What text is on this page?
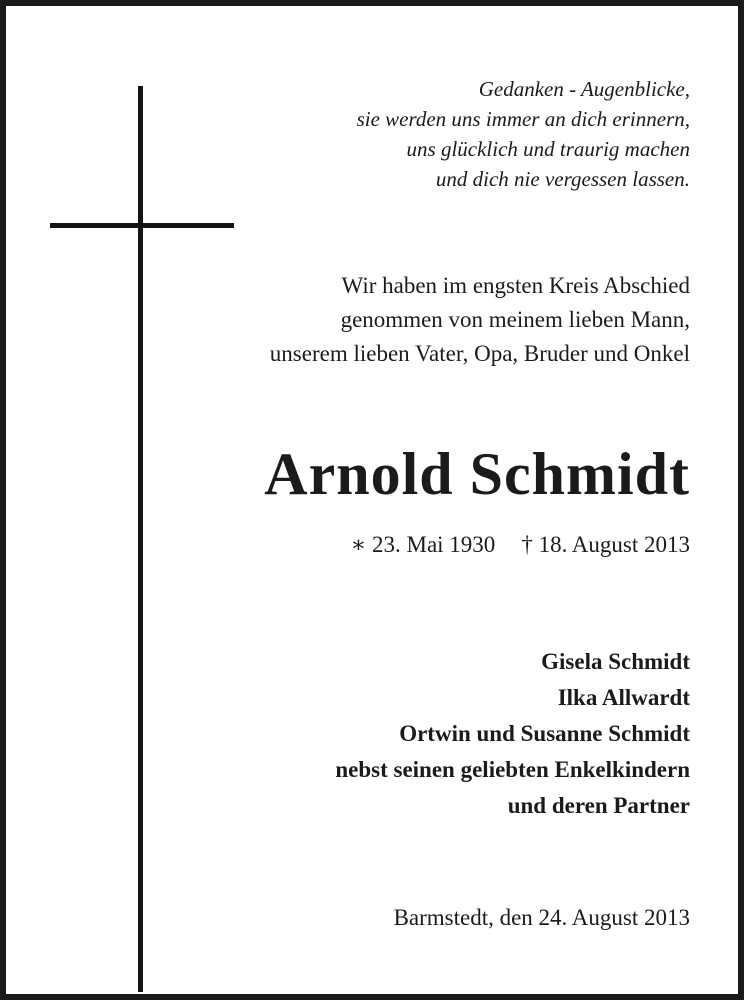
Gedanken - Augenblicke,
sie werden uns immer an dich erinnern,
uns glücklich und traurig machen
und dich nie vergessen lassen.
Wir haben im engsten Kreis Abschied
genommen von meinem lieben Mann,
unserem lieben Vater, Opa, Bruder und Onkel
Arnold Schmidt
∗ 23. Mai 1930 † 18. August 2013
Gisela Schmidt
Ilka Allwardt
Ortwin und Susanne Schmidt
nebst seinen geliebten Enkelkindern
und deren Partner
Barmstedt, den 24. August 2013
